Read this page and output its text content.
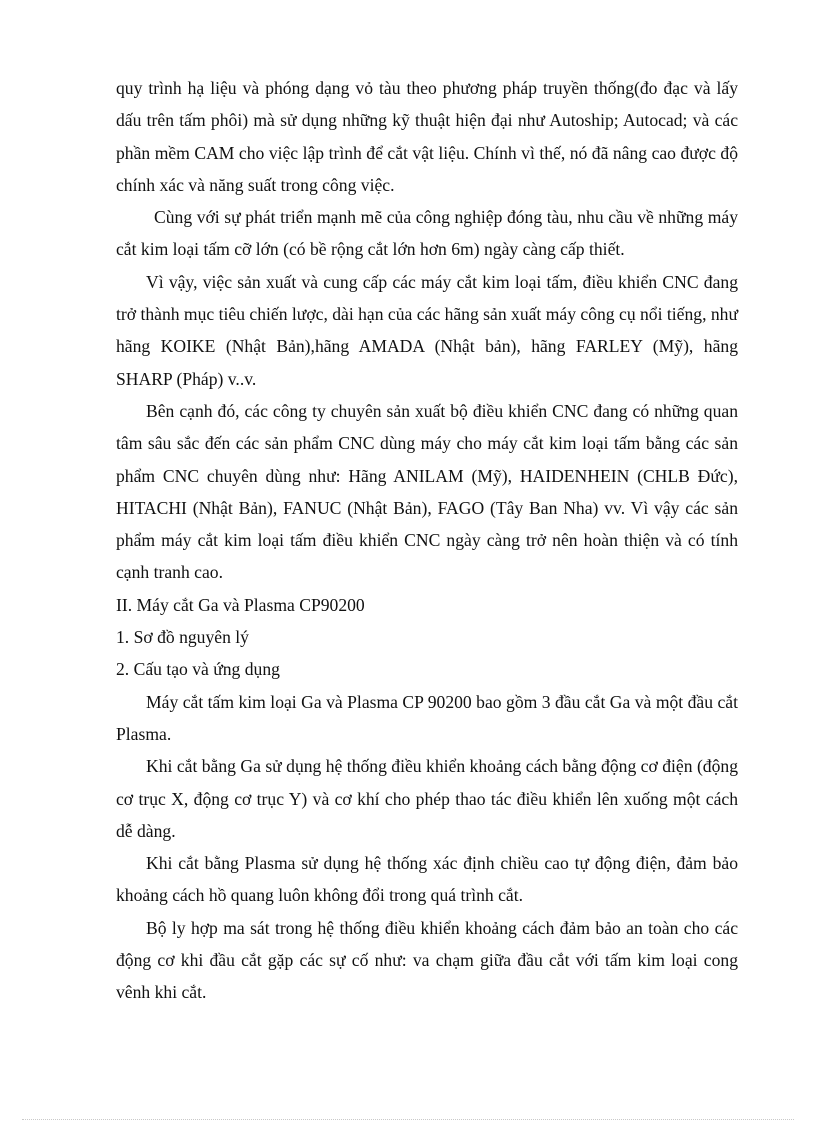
quy trình hạ liệu và phóng dạng vỏ tàu theo phương pháp truyền thống(đo đạc và lấy dấu trên tấm phôi) mà sử dụng những kỹ thuật hiện đại như Autoship; Autocad; và các phần mềm CAM cho việc lập trình để cắt vật liệu. Chính vì thế, nó đã nâng cao được độ chính xác và năng suất trong công việc.

Cùng với sự phát triển mạnh mẽ của công nghiệp đóng tàu, nhu cầu về những máy cắt kim loại tấm cỡ lớn (có bề rộng cắt lớn hơn 6m) ngày càng cấp thiết.

Vì vậy, việc sản xuất và cung cấp các máy cắt kim loại tấm, điều khiển CNC đang trở thành mục tiêu chiến lược, dài hạn của các hãng sản xuất máy công cụ nổi tiếng, như hãng KOIKE (Nhật Bản),hãng AMADA (Nhật bản), hãng FARLEY (Mỹ), hãng SHARP (Pháp) v..v.

Bên cạnh đó, các công ty chuyên sản xuất bộ điều khiển CNC đang có những quan tâm sâu sắc đến các sản phẩm CNC dùng máy cho máy cắt kim loại tấm bằng các sản phẩm CNC chuyên dùng như: Hãng ANILAM (Mỹ), HAIDENHEIN (CHLB Đức), HITACHI (Nhật Bản), FANUC (Nhật Bản), FAGO (Tây Ban Nha) vv. Vì vậy các sản phẩm máy cắt kim loại tấm điều khiển CNC ngày càng trở nên hoàn thiện và có tính cạnh tranh cao.

II. Máy cắt Ga và Plasma CP90200

1. Sơ đồ nguyên lý

2. Cấu tạo và ứng dụng

Máy cắt tấm kim loại Ga và Plasma CP 90200 bao gồm 3 đầu cắt Ga và một đầu cắt Plasma.

Khi cắt bằng Ga sử dụng hệ thống điều khiển khoảng cách bằng động cơ điện (động cơ trục X, động cơ trục Y) và cơ khí cho phép thao tác điều khiển lên xuống một cách dễ dàng.

Khi cắt bằng Plasma sử dụng hệ thống xác định chiều cao tự động điện, đảm bảo khoảng cách hồ quang luôn không đổi trong quá trình cắt.

Bộ ly hợp ma sát trong hệ thống điều khiển khoảng cách đảm bảo an toàn cho các động cơ khi đầu cắt gặp các sự cố như: va chạm giữa đầu cắt với tấm kim loại cong vênh khi cắt.
